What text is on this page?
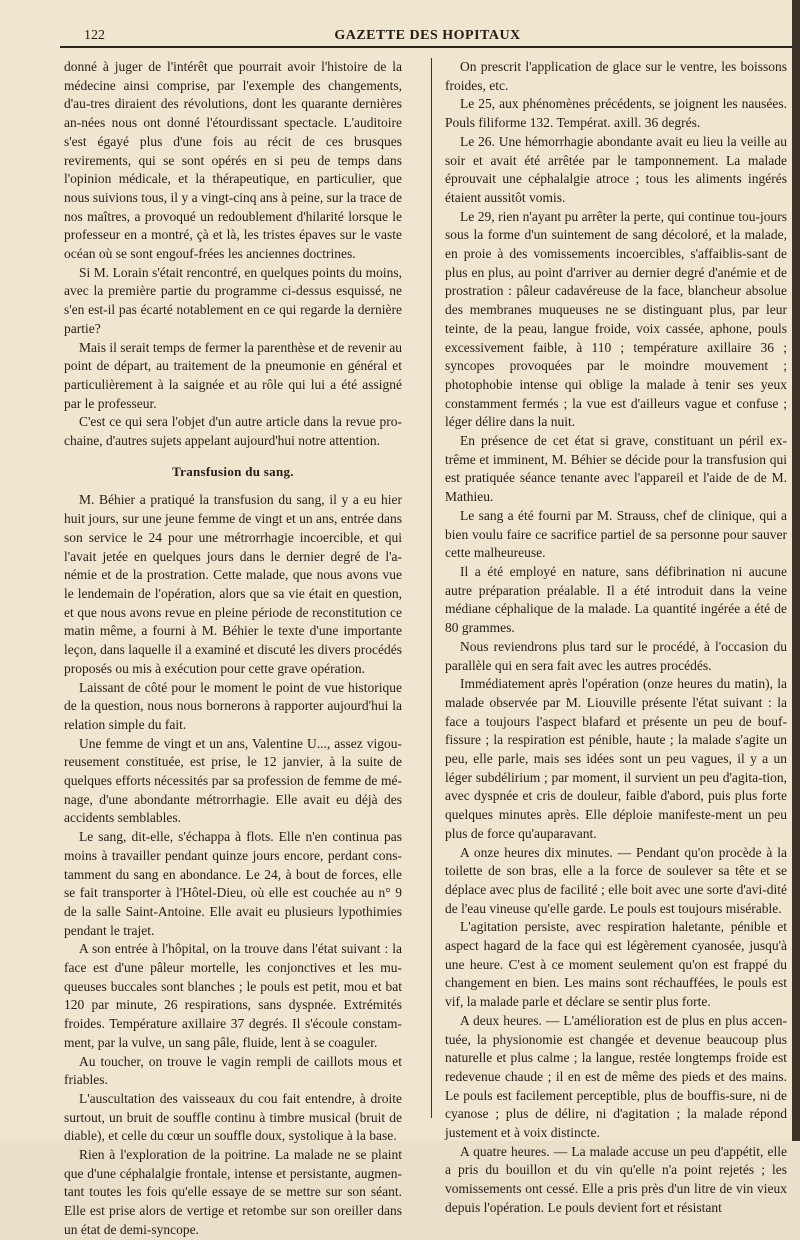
122	GAZETTE DES HOPITAUX

donné à juger de l'intérêt que pourrait avoir l'histoire de la médecine ainsi comprise, par l'exemple des changements, d'au-tres diraient des révolutions, dont les quarante dernières an-nées nous ont donné l'étourdissant spectacle. L'auditoire s'est égayé plus d'une fois au récit de ces brusques revirements, qui se sont opérés en si peu de temps dans l'opinion médicale, et la thérapeutique, en particulier, que nous suivions tous, il y a vingt-cinq ans à peine, sur la trace de nos maîtres, a provoqué un redoublement d'hilarité lorsque le professeur en a montré, çà et là, les tristes épaves sur le vaste océan où se sont engouf-frées les anciennes doctrines.

Si M. Lorain s'était rencontré, en quelques points du moins, avec la première partie du programme ci-dessus esquissé, ne s'en est-il pas écarté notablement en ce qui regarde la dernière partie?

Mais il serait temps de fermer la parenthèse et de revenir au point de départ, au traitement de la pneumonie en général et particulièrement à la saignée et au rôle qui lui a été assigné par le professeur.

C'est ce qui sera l'objet d'un autre article dans la revue pro-chaine, d'autres sujets appelant aujourd'hui notre attention.

Transfusion du sang.

M. Béhier a pratiqué la transfusion du sang, il y a eu hier huit jours, sur une jeune femme de vingt et un ans, entrée dans son service le 24 pour une métrorrhagie incoercible, et qui l'avait jetée en quelques jours dans le dernier degré de l'a-némie et de la prostration. Cette malade, que nous avons vue le lendemain de l'opération, alors que sa vie était en question, et que nous avons revue en pleine période de reconstitution ce matin même, a fourni à M. Béhier le texte d'une importante leçon, dans laquelle il a examiné et discuté les divers procédés proposés ou mis à exécution pour cette grave opération.

Laissant de côté pour le moment le point de vue historique de la question, nous nous bornerons à rapporter aujourd'hui la relation simple du fait.

Une femme de vingt et un ans, Valentine U..., assez vigou-reusement constituée, est prise, le 12 janvier, à la suite de quelques efforts nécessités par sa profession de femme de mé-nage, d'une abondante métrorrhagie. Elle avait eu déjà des accidents semblables.

Le sang, dit-elle, s'échappa à flots. Elle n'en continua pas moins à travailler pendant quinze jours encore, perdant cons-tamment du sang en abondance. Le 24, à bout de forces, elle se fait transporter à l'Hôtel-Dieu, où elle est couchée au n° 9 de la salle Saint-Antoine. Elle avait eu plusieurs lypothimies pendant le trajet.

A son entrée à l'hôpital, on la trouve dans l'état suivant : la face est d'une pâleur mortelle, les conjonctives et les mu-queuses buccales sont blanches ; le pouls est petit, mou et bat 120 par minute, 26 respirations, sans dyspnée. Extrémités froides. Température axillaire 37 degrés. Il s'écoule constam-ment, par la vulve, un sang pâle, fluide, lent à se coaguler.

Au toucher, on trouve le vagin rempli de caillots mous et friables.

L'auscultation des vaisseaux du cou fait entendre, à droite surtout, un bruit de souffle continu à timbre musical (bruit de diable), et celle du cœur un souffle doux, systolique à la base.

Rien à l'exploration de la poitrine. La malade ne se plaint que d'une céphalalgie frontale, intense et persistante, augmen-tant toutes les fois qu'elle essaye de se mettre sur son séant. Elle est prise alors de vertige et retombe sur son oreiller dans un état de demi-syncope.

On prescrit l'application de glace sur le ventre, les boissons froides, etc.

Le 25, aux phénomènes précédents, se joignent les nausées. Pouls filiforme 132. Températ. axill. 36 degrés.

Le 26. Une hémorrhagie abondante avait eu lieu la veille au soir et avait été arrêtée par le tamponnement. La malade éprouvait une céphalalgie atroce ; tous les aliments ingérés étaient aussitôt vomis.

Le 29, rien n'ayant pu arrêter la perte, qui continue tou-jours sous la forme d'un suintement de sang décoloré, et la malade, en proie à des vomissements incoercibles, s'affaiblis-sant de plus en plus, au point d'arriver au dernier degré d'anémie et de prostration : pâleur cadavéreuse de la face, blancheur absolue des membranes muqueuses ne se distinguant plus, par leur teinte, de la peau, langue froide, voix cassée, aphone, pouls excessivement faible, à 110 ; température axillaire 36 ; syncopes provoquées par le moindre mouvement ; photophobie intense qui oblige la malade à tenir ses yeux constamment fermés ; la vue est d'ailleurs vague et confuse ; léger délire dans la nuit.

En présence de cet état si grave, constituant un péril ex-trême et imminent, M. Béhier se décide pour la transfusion qui est pratiquée séance tenante avec l'appareil et l'aide de de M. Mathieu.

Le sang a été fourni par M. Strauss, chef de clinique, qui a bien voulu faire ce sacrifice partiel de sa personne pour sauver cette malheureuse.

Il a été employé en nature, sans défibrination ni aucune autre préparation préalable. Il a été introduit dans la veine médiane céphalique de la malade. La quantité ingérée a été de 80 grammes.

Nous reviendrons plus tard sur le procédé, à l'occasion du parallèle qui en sera fait avec les autres procédés.

Immédiatement après l'opération (onze heures du matin), la malade observée par M. Liouville présente l'état suivant : la face a toujours l'aspect blafard et présente un peu de bouf-fissure ; la respiration est pénible, haute ; la malade s'agite un peu, elle parle, mais ses idées sont un peu vagues, il y a un léger subdélirium ; par moment, il survient un peu d'agita-tion, avec dyspnée et cris de douleur, faible d'abord, puis plus forte quelques minutes après. Elle déploie manifeste-ment un peu plus de force qu'auparavant.

A onze heures dix minutes. — Pendant qu'on procède à la toilette de son bras, elle a la force de soulever sa tête et se déplace avec plus de facilité ; elle boit avec une sorte d'avi-dité de l'eau vineuse qu'elle garde. Le pouls est toujours misérable.

L'agitation persiste, avec respiration haletante, pénible et aspect hagard de la face qui est légèrement cyanosée, jusqu'à une heure. C'est à ce moment seulement qu'on est frappé du changement en bien. Les mains sont réchauffées, le pouls est vif, la malade parle et déclare se sentir plus forte.

A deux heures. — L'amélioration est de plus en plus accen-tuée, la physionomie est changée et devenue beaucoup plus naturelle et plus calme ; la langue, restée longtemps froide est redevenue chaude ; il en est de même des pieds et des mains. Le pouls est facilement perceptible, plus de bouffis-sure, ni de cyanose ; plus de délire, ni d'agitation ; la malade répond justement et à voix distincte.

A quatre heures. — La malade accuse un peu d'appétit, elle a pris du bouillon et du vin qu'elle n'a point rejetés ; les vomissements ont cessé. Elle a pris près d'un litre de vin vieux depuis l'opération. Le pouls devient fort et résistant
